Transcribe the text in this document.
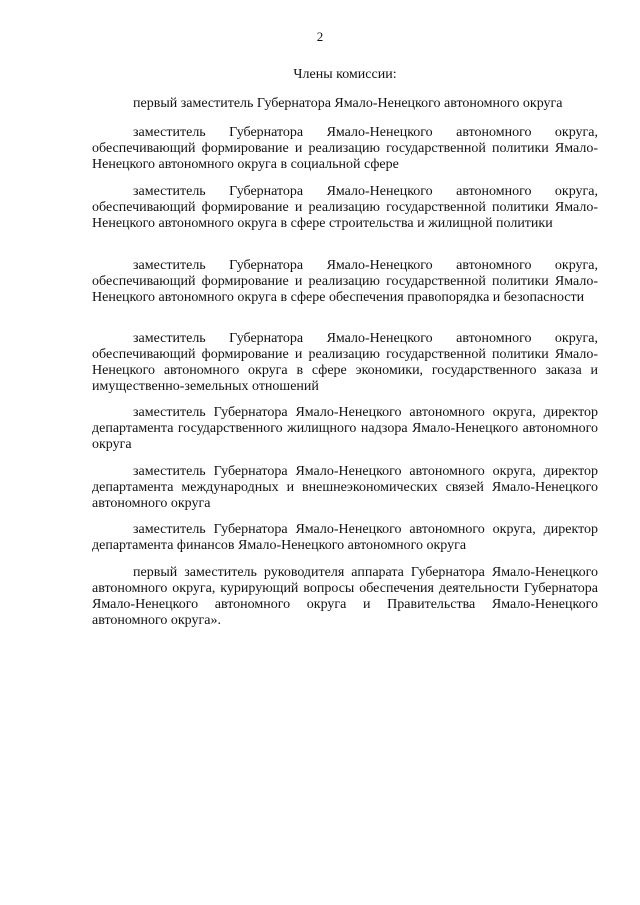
2
Члены комиссии:

первый заместитель Губернатора Ямало-Ненецкого автономного округа

заместитель Губернатора Ямало-Ненецкого автономного округа, обеспечивающий формирование и реализацию государственной политики Ямало-Ненецкого автономного округа в социальной сфере

заместитель Губернатора Ямало-Ненецкого автономного округа, обеспечивающий формирование и реализацию государственной политики Ямало-Ненецкого автономного округа в сфере строительства и жилищной политики

заместитель Губернатора Ямало-Ненецкого автономного округа, обеспечивающий формирование и реализацию государственной политики Ямало-Ненецкого автономного округа в сфере обеспечения правопорядка и безопасности

заместитель Губернатора Ямало-Ненецкого автономного округа, обеспечивающий формирование и реализацию государственной политики Ямало-Ненецкого автономного округа в сфере экономики, государственного заказа и имущественно-земельных отношений

заместитель Губернатора Ямало-Ненецкого автономного округа, директор департамента государственного жилищного надзора Ямало-Ненецкого автономного округа

заместитель Губернатора Ямало-Ненецкого автономного округа, директор департамента международных и внешнеэкономических связей Ямало-Ненецкого автономного округа

заместитель Губернатора Ямало-Ненецкого автономного округа, директор департамента финансов Ямало-Ненецкого автономного округа

первый заместитель руководителя аппарата Губернатора Ямало-Ненецкого автономного округа, курирующий вопросы обеспечения деятельности Губернатора Ямало-Ненецкого автономного округа и Правительства Ямало-Ненецкого автономного округа».
